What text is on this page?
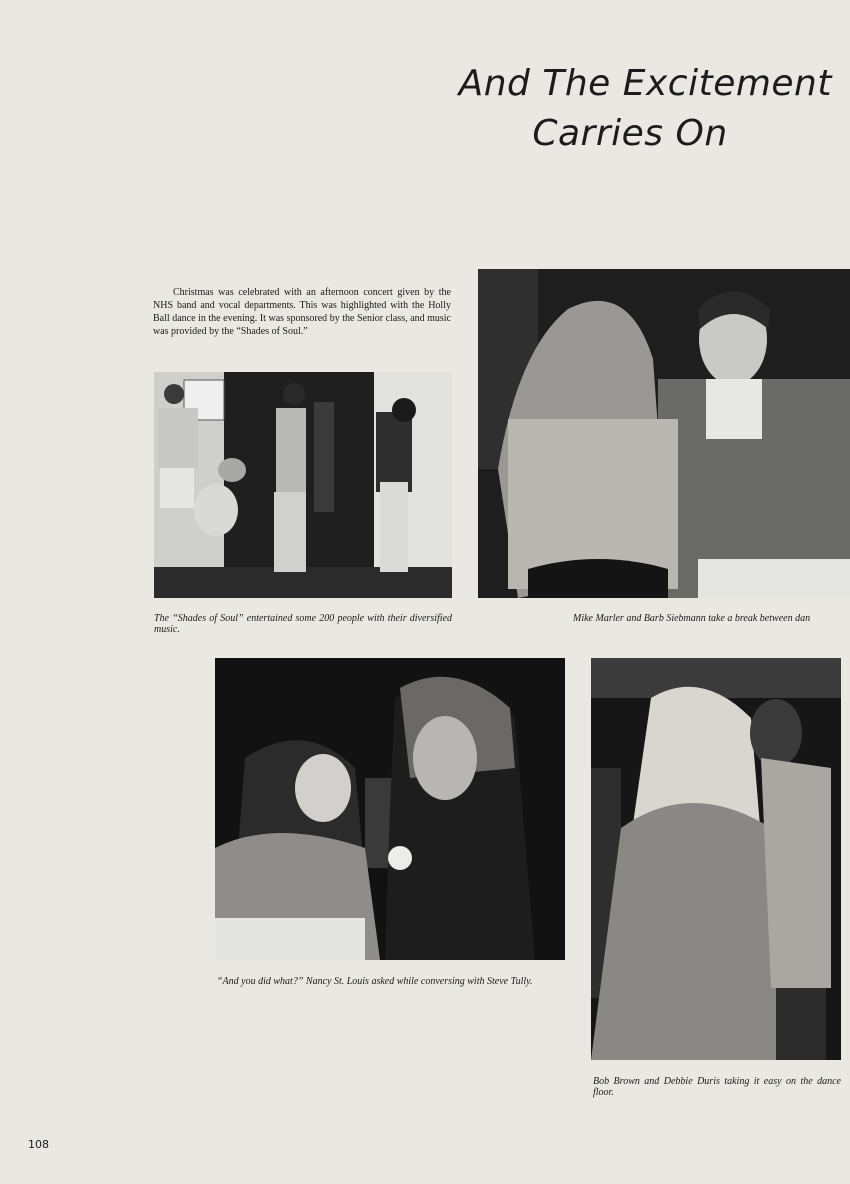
And The Excitement
Carries On

Christmas was celebrated with an afternoon concert given by the NHS band and vocal departments. This was highlighted with the Holly Ball dance in the evening. It was sponsored by the Senior class, and music was provided by the “Shades of Soul.”

The “Shades of Soul” entertained some 200 people with their diversified music.

Mike Marler and Barb Siebmann take a break between dan

“And you did what?” Nancy St. Louis asked while conversing with Steve Tully.

Bob Brown and Debbie Duris taking it easy on the dance floor.

108
